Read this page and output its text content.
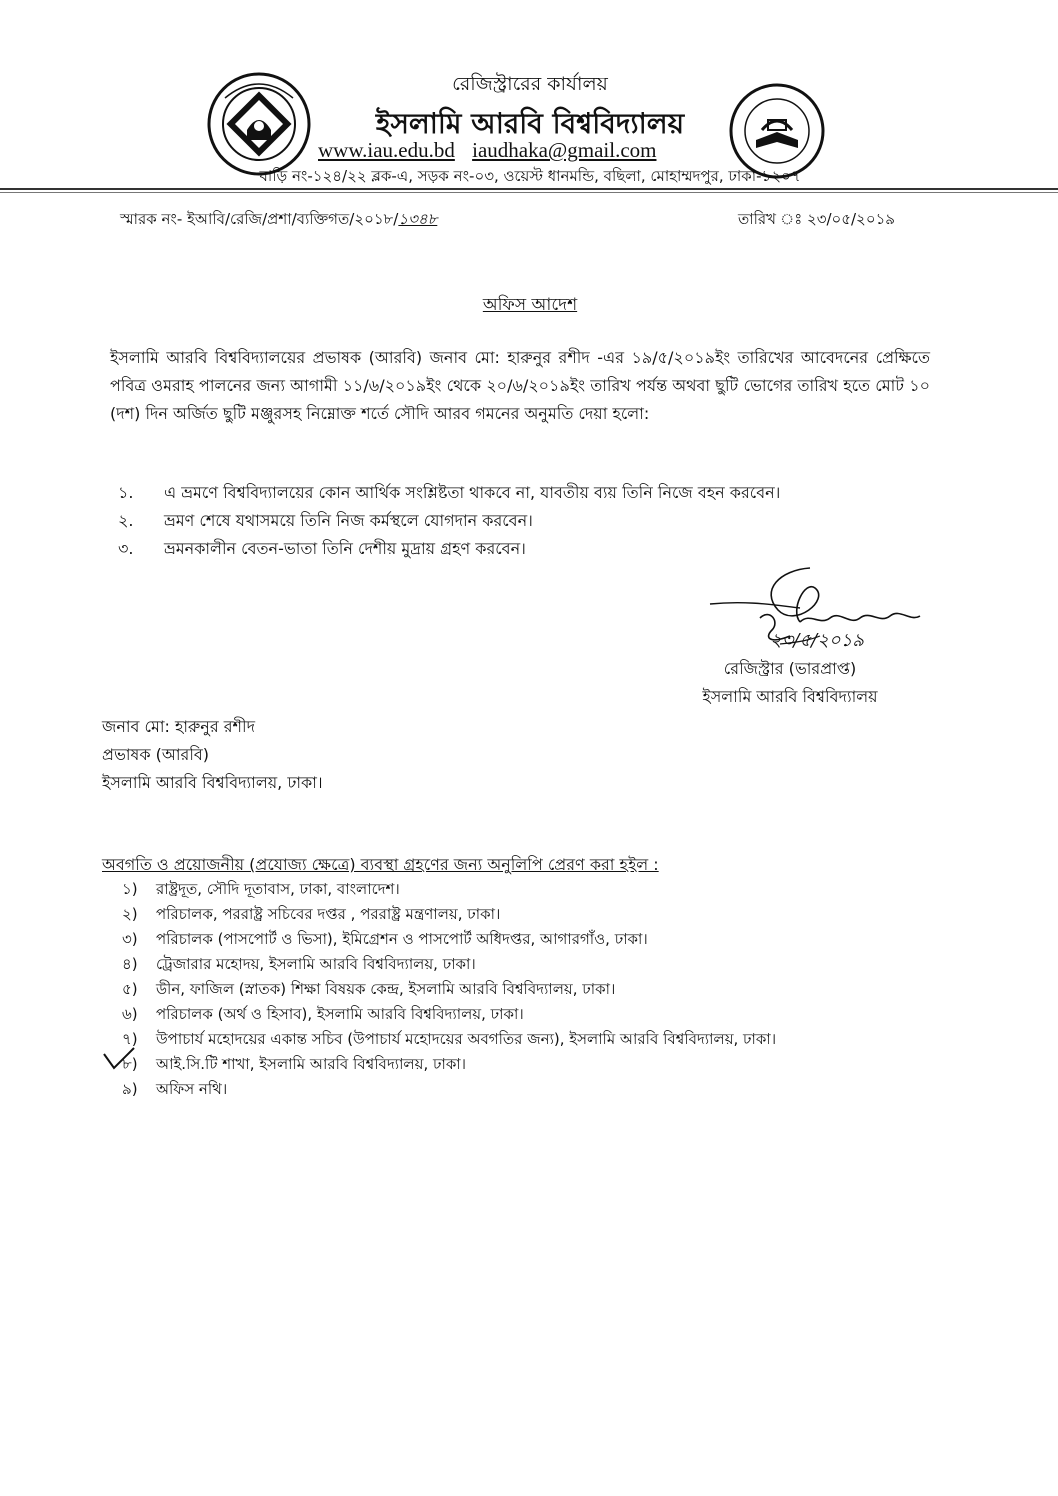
রেজিস্ট্রারের কার্যালয়
ইসলামি আরবি বিশ্ববিদ্যালয়
www.iau.edu.bd iaudhaka@gmail.com
বাড়ি নং-১২৪/২২ ব্লক-এ, সড়ক নং-০৩, ওয়েস্ট ধানমন্ডি, বছিলা, মোহাম্মদপুর, ঢাকা-১২০৭
স্মারক নং- ইআবি/রেজি/প্রশা/ব্যক্তিগত/২০১৮/১৩৪৮	তারিখ ঃ ২৩/০৫/২০১৯
অফিস আদেশ
ইসলামি আরবি বিশ্ববিদ্যালয়ের প্রভাষক (আরবি) জনাব মো: হারুনুর রশীদ -এর ১৯/৫/২০১৯ইং তারিখের আবেদনের প্রেক্ষিতে পবিত্র ওমরাহ পালনের জন্য আগামী ১১/৬/২০১৯ইং থেকে ২০/৬/২০১৯ইং তারিখ পর্যন্ত অথবা ছুটি ভোগের তারিখ হতে মোট ১০ (দশ) দিন অর্জিত ছুটি মঞ্জুরসহ নিম্নোক্ত শর্তে সৌদি আরব গমনের অনুমতি দেয়া হলো:
১. এ ভ্রমণে বিশ্ববিদ্যালয়ের কোন আর্থিক সংশ্লিষ্টতা থাকবে না, যাবতীয় ব্যয় তিনি নিজে বহন করবেন।
২. ভ্রমণ শেষে যথাসময়ে তিনি নিজ কর্মস্থলে যোগদান করবেন।
৩. ভ্রমনকালীন বেতন-ভাতা তিনি দেশীয় মুদ্রায় গ্রহণ করবেন।
২৩/৫/২০১৯
রেজিস্ট্রার (ভারপ্রাপ্ত)
ইসলামি আরবি বিশ্ববিদ্যালয়
জনাব মো: হারুনুর রশীদ
প্রভাষক (আরবি)
ইসলামি আরবি বিশ্ববিদ্যালয়, ঢাকা।
অবগতি ও প্রয়োজনীয় (প্রযোজ্য ক্ষেত্রে) ব্যবস্থা গ্রহণের জন্য অনুলিপি প্রেরণ করা হইল :
১) রাষ্ট্রদূত, সৌদি দূতাবাস, ঢাকা, বাংলাদেশ।
২) পরিচালক, পররাষ্ট্র সচিবের দপ্তর , পররাষ্ট্র মন্ত্রণালয়, ঢাকা।
৩) পরিচালক (পাসপোর্ট ও ভিসা), ইমিগ্রেশন ও পাসপোর্ট অধিদপ্তর, আগারগাঁও, ঢাকা।
৪) ট্রেজারার মহোদয়, ইসলামি আরবি বিশ্ববিদ্যালয়, ঢাকা।
৫) ডীন, ফাজিল (স্নাতক) শিক্ষা বিষয়ক কেন্দ্র, ইসলামি আরবি বিশ্ববিদ্যালয়, ঢাকা।
৬) পরিচালক (অর্থ ও হিসাব), ইসলামি আরবি বিশ্ববিদ্যালয়, ঢাকা।
৭) উপাচার্য মহোদয়ের একান্ত সচিব (উপাচার্য মহোদয়ের অবগতির জন্য), ইসলামি আরবি বিশ্ববিদ্যালয়, ঢাকা।
৮) আই.সি.টি শাখা, ইসলামি আরবি বিশ্ববিদ্যালয়, ঢাকা।
৯) অফিস নথি।
